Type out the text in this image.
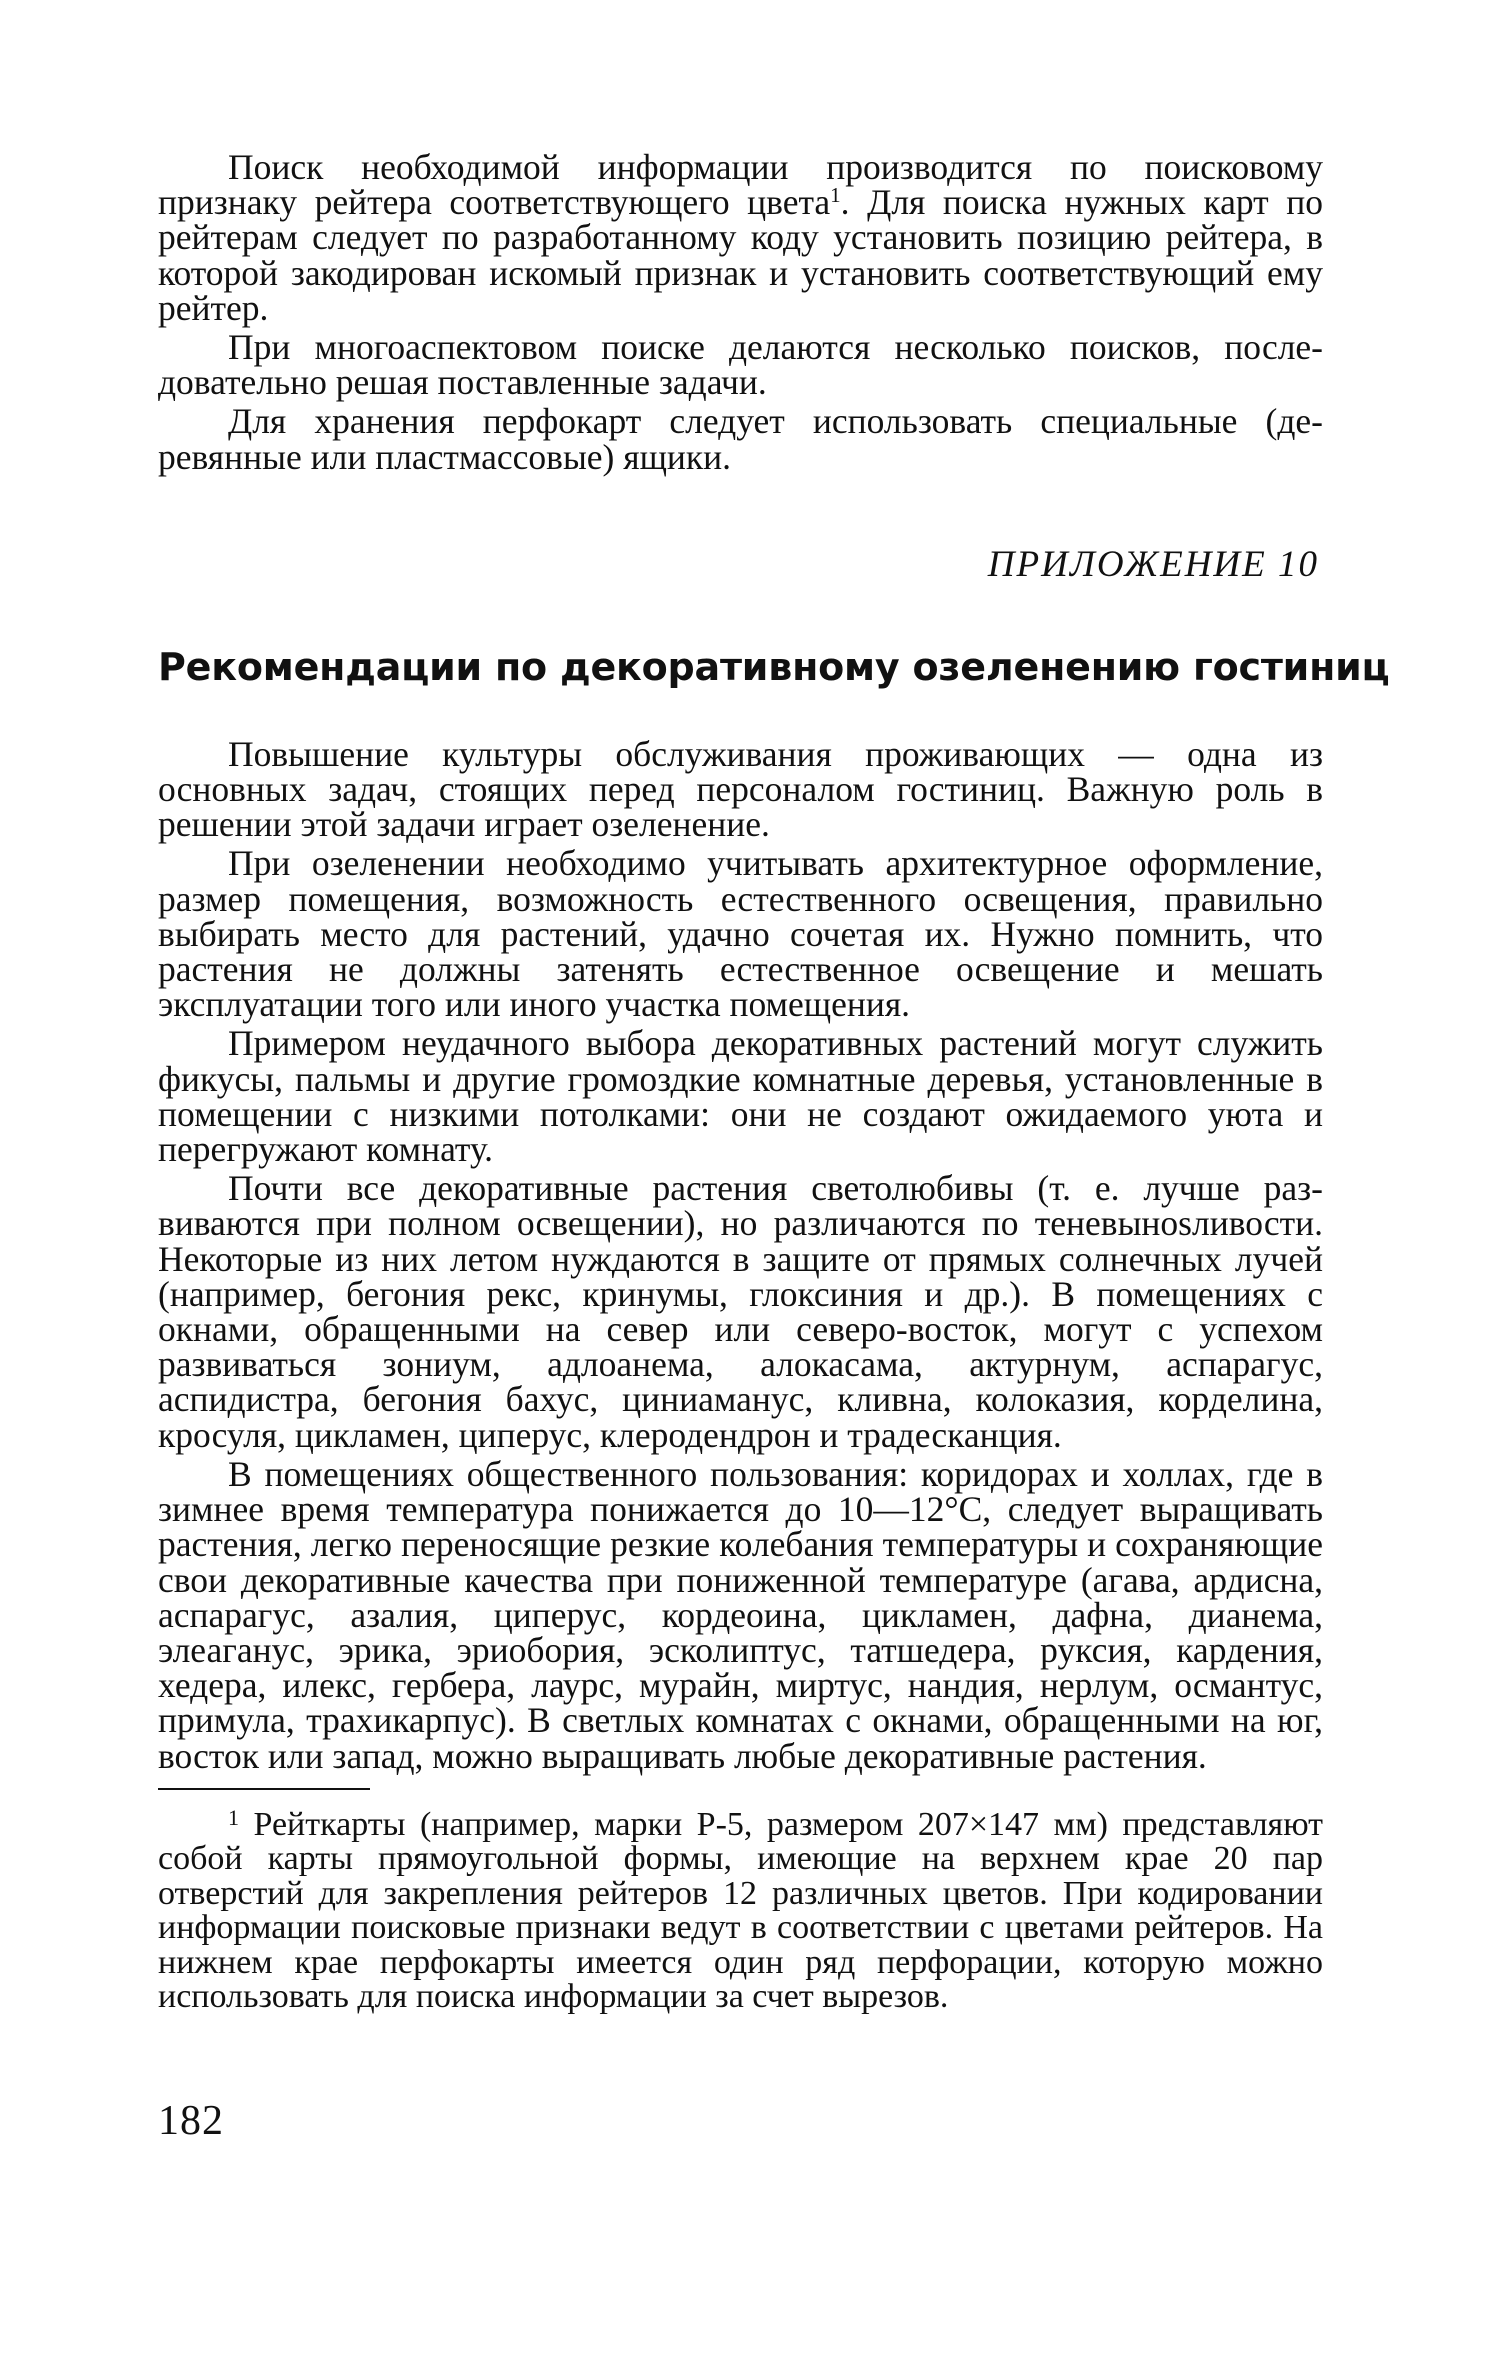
Поиск необходимой информации производится по поисковому признаку рейтера соответствующего цвета$^1$. Для поиска нужных карт по рейтерам следует по разработанному коду установить позицию рейтера, в которой закодирован искомый признак и установить соответствующий ему рейтер.

При многоаспектовом поиске делаются несколько поисков, последовательно решая поставленные задачи.

Для хранения перфокарт следует использовать специальные (деревянные или пластмассовые) ящики.

ПРИЛОЖЕНИЕ 10
Рекомендации по декоративному озеленению гостиниц

Повышение культуры обслуживания проживающих — одна из основных задач, стоящих перед персоналом гостиниц. Важную роль в решении этой задачи играет озеленение.

При озеленении необходимо учитывать архитектурное оформление, размер помещения, возможность естественного освещения, правильно выбирать место для растений, удачно сочетая их. Нужно помнить, что растения не должны затенять естественное освещение и мешать эксплуатации того или иного участка помещения.

Примером неудачного выбора декоративных растений могут служить фикусы, пальмы и другие громоздкие комнатные деревья, установленные в помещении с низкими потолками: они не создают ожидаемого уюта и перегружают комнату.

Почти все декоративные растения светолюбивы (т. е. лучше развиваются при полном освещении), но различаются по теневынosливости. Некоторые из них летом нуждаются в защите от прямых солнечных лучей (например, бегония рекс, кринумы, глоксиния и др.). В помещениях с окнами, обращенными на север или северо-восток, могут с успехом развиваться зониум, адлоанема, алокасама, актурнум, аспарагус, аспидистра, бегония бахус, циниаманус, кливна, колоказия, корделина, кросуля, цикламен, циперус, клеродендрон и традесканция.

В помещениях общественного пользования: коридорах и холлах, где в зимнее время температура понижается до 10—12°C, следует выращивать растения, легко переносящие резкие колебания температуры и сохраняющие свои декоративные качества при пониженной температуре (агава, ардисна, аспарагус, азалия, циперус, кордеоина, цикламен, дафна, дианема, элеаганус, эрика, эриобория, эсколиптус, татшедера, руксия, кардения, хедера, илекс, гербера, лаурс, мурайн, миртус, нандия, нерлум, османтус, примула, трахикарпус). В светлых комнатах с окнами, обращенными на юг, восток или запад, можно выращивать любые декоративные растения.

$^1$ Рейткарты (например, марки Р-5, размером 207×147 мм) представляют собой карты прямоугольной формы, имеющие на верхнем крае 20 пар отверстий для закрепления рейтеров 12 различных цветов. При кодировании информации поисковые признаки ведут в соответствии с цветами рейтеров. На нижнем крае перфокарты имеется один ряд перфорации, которую можно использовать для поиска информации за счет вырезов.

182
